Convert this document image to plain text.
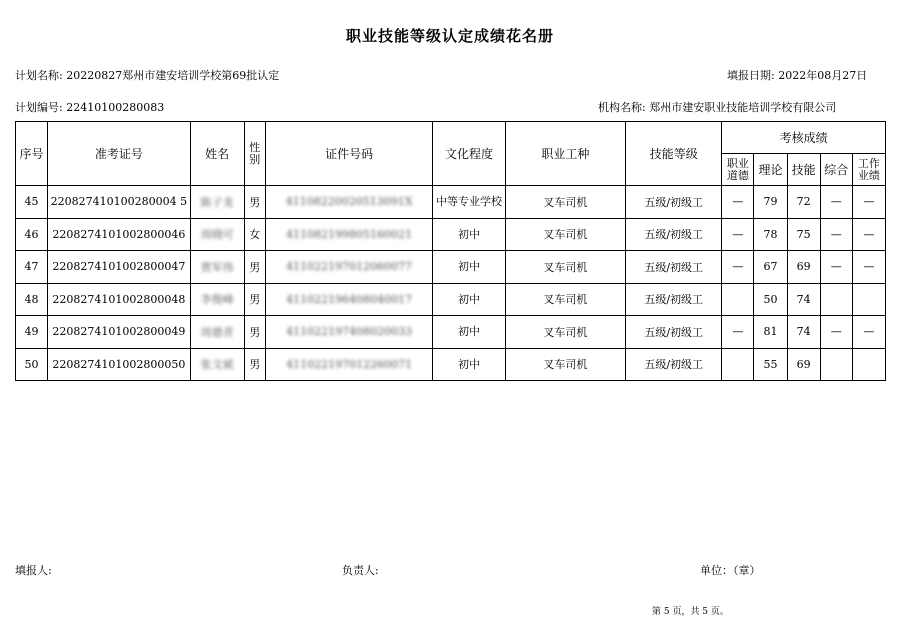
职业技能等级认定成绩花名册
计划名称: 20220827郑州市建安培训学校第69批认定	填报日期: 2022年08月27日
计划编号: 22410100280083	机构名称: 郑州市建安职业技能培训学校有限公司
序号	准考证号	姓名	性别	证件号码	文化程度	职业工种	技能等级	考核成绩				
								职业道德	理论	技能	综合	工作业绩
45	220827410100280004 5	陈子龙	男	41108220020513091X	中等专业学校	叉车司机	五级/初级工	—	79	72	—	—
46	2208274101002800046	周晓可	女	411082199805160021	初中	叉车司机	五级/初级工	—	78	75	—	—
47	2208274101002800047	贾军伟	男	411022197012060077	初中	叉车司机	五级/初级工	—	67	69	—	—
48	2208274101002800048	李俊峰	男	411022196408040017	初中	叉车司机	五级/初级工		50	74		
49	2208274101002800049	周德青	男	411022197408020033	初中	叉车司机	五级/初级工	—	81	74	—	—
50	2208274101002800050	张文斌	男	411022197012260071	初中	叉车司机	五级/初级工		55	69		
填报人:	负责人:	单位：（章）
第 5 页，共 5 页。
